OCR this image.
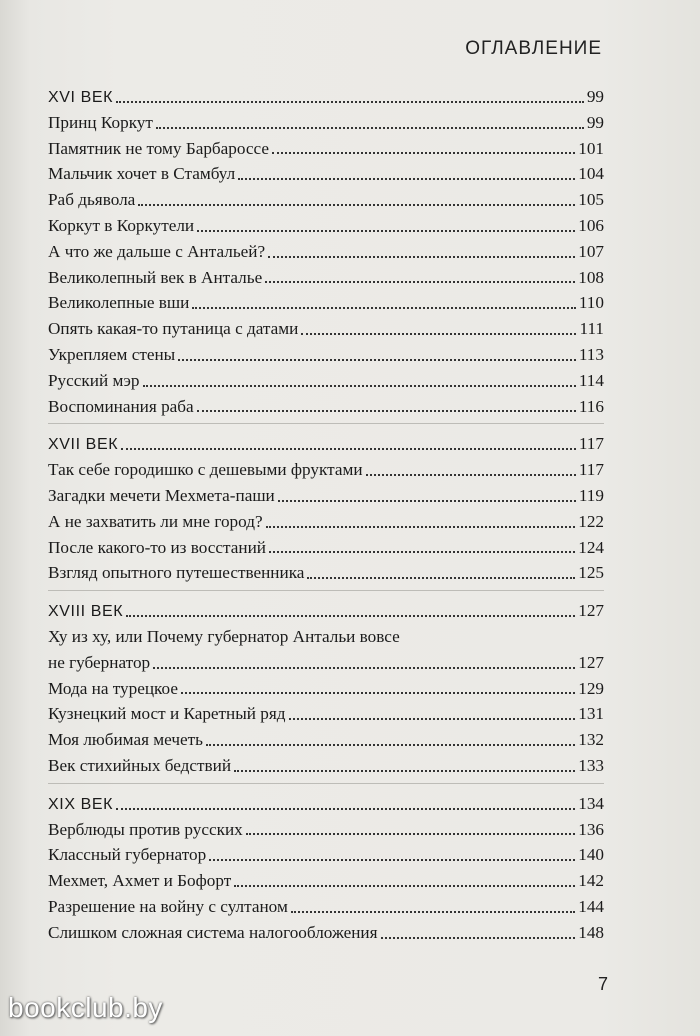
ОГЛАВЛЕНИЕ
XVI ВЕК	99
Принц Коркут	99
Памятник не тому Барбароссе	101
Мальчик хочет в Стамбул	104
Раб дьявола	105
Коркут в Коркутели	106
А что же дальше с Антальей?	107
Великолепный век в Анталье	108
Великолепные вши	110
Опять какая-то путаница с датами	111
Укрепляем стены	113
Русский мэр	114
Воспоминания раба	116
XVII ВЕК	117
Так себе городишко с дешевыми фруктами	117
Загадки мечети Мехмета-паши	119
А не захватить ли мне город?	122
После какого-то из восстаний	124
Взгляд опытного путешественника	125
XVIII ВЕК	127
Ху из ху, или Почему губернатор Антальи вовсе
не губернатор	127
Мода на турецкое	129
Кузнецкий мост и Каретный ряд	131
Моя любимая мечеть	132
Век стихийных бедствий	133
XIX ВЕК	134
Верблюды против русских	136
Классный губернатор	140
Мехмет, Ахмет и Бофорт	142
Разрешение на войну с султаном	144
Слишком сложная система налогообложения	148
7
bookclub.by
